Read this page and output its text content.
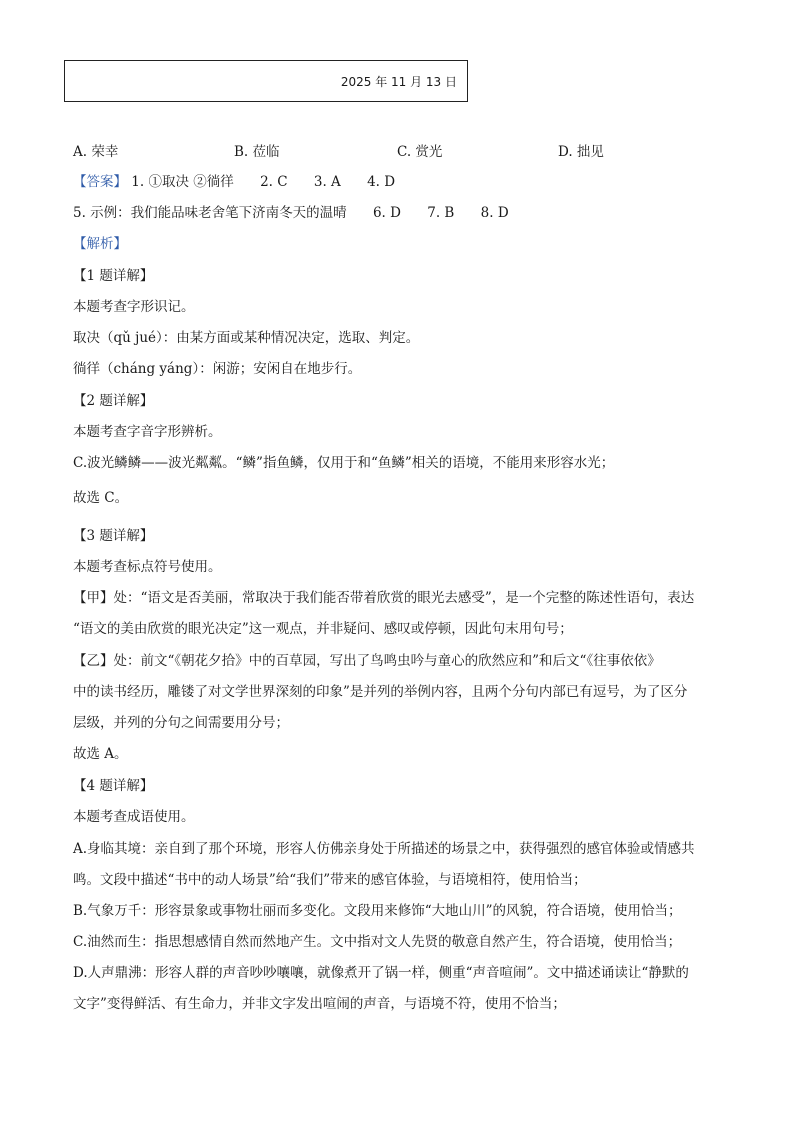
2025 年 11 月 13 日
A. 荣幸	B. 莅临	C. 赏光	D. 拙见
【答案】 1. ①取决 ②徜徉 2. C 3. A 4. D
5. 示例：我们能品味老舍笔下济南冬天的温晴 6. D 7. B 8. D
【解析】
【1 题详解】
本题考查字形识记。
取决（qǔ jué）：由某方面或某种情况决定，选取、判定。
徜徉（cháng yáng）：闲游；安闲自在地步行。
【2 题详解】
本题考查字音字形辨析。
C.波光鳞鳞——波光粼粼。“鳞”指鱼鳞，仅用于和“鱼鳞”相关的语境，不能用来形容水光；
故选 C。
【3 题详解】
本题考查标点符号使用。
【甲】处：“语文是否美丽，常取决于我们能否带着欣赏的眼光去感受”，是一个完整的陈述性语句，表达
“语文的美由欣赏的眼光决定”这一观点，并非疑问、感叹或停顿，因此句末用句号；
【乙】处：前文“《朝花夕拾》中的百草园，写出了鸟鸣虫吟与童心的欣然应和”和后文“《往事依依》
中的读书经历，雕镂了对文学世界深刻的印象”是并列的举例内容，且两个分句内部已有逗号，为了区分
层级，并列的分句之间需要用分号；
故选 A。
【4 题详解】
本题考查成语使用。
A.身临其境：亲自到了那个环境，形容人仿佛亲身处于所描述的场景之中，获得强烈的感官体验或情感共
鸣。文段中描述“书中的动人场景”给“我们”带来的感官体验，与语境相符，使用恰当；
B.气象万千：形容景象或事物壮丽而多变化。文段用来修饰“大地山川”的风貌，符合语境，使用恰当；
C.油然而生：指思想感情自然而然地产生。文中指对文人先贤的敬意自然产生，符合语境，使用恰当；
D.人声鼎沸：形容人群的声音吵吵嚷嚷，就像煮开了锅一样，侧重“声音喧闹”。文中描述诵读让“静默的
文字”变得鲜活、有生命力，并非文字发出喧闹的声音，与语境不符，使用不恰当；
